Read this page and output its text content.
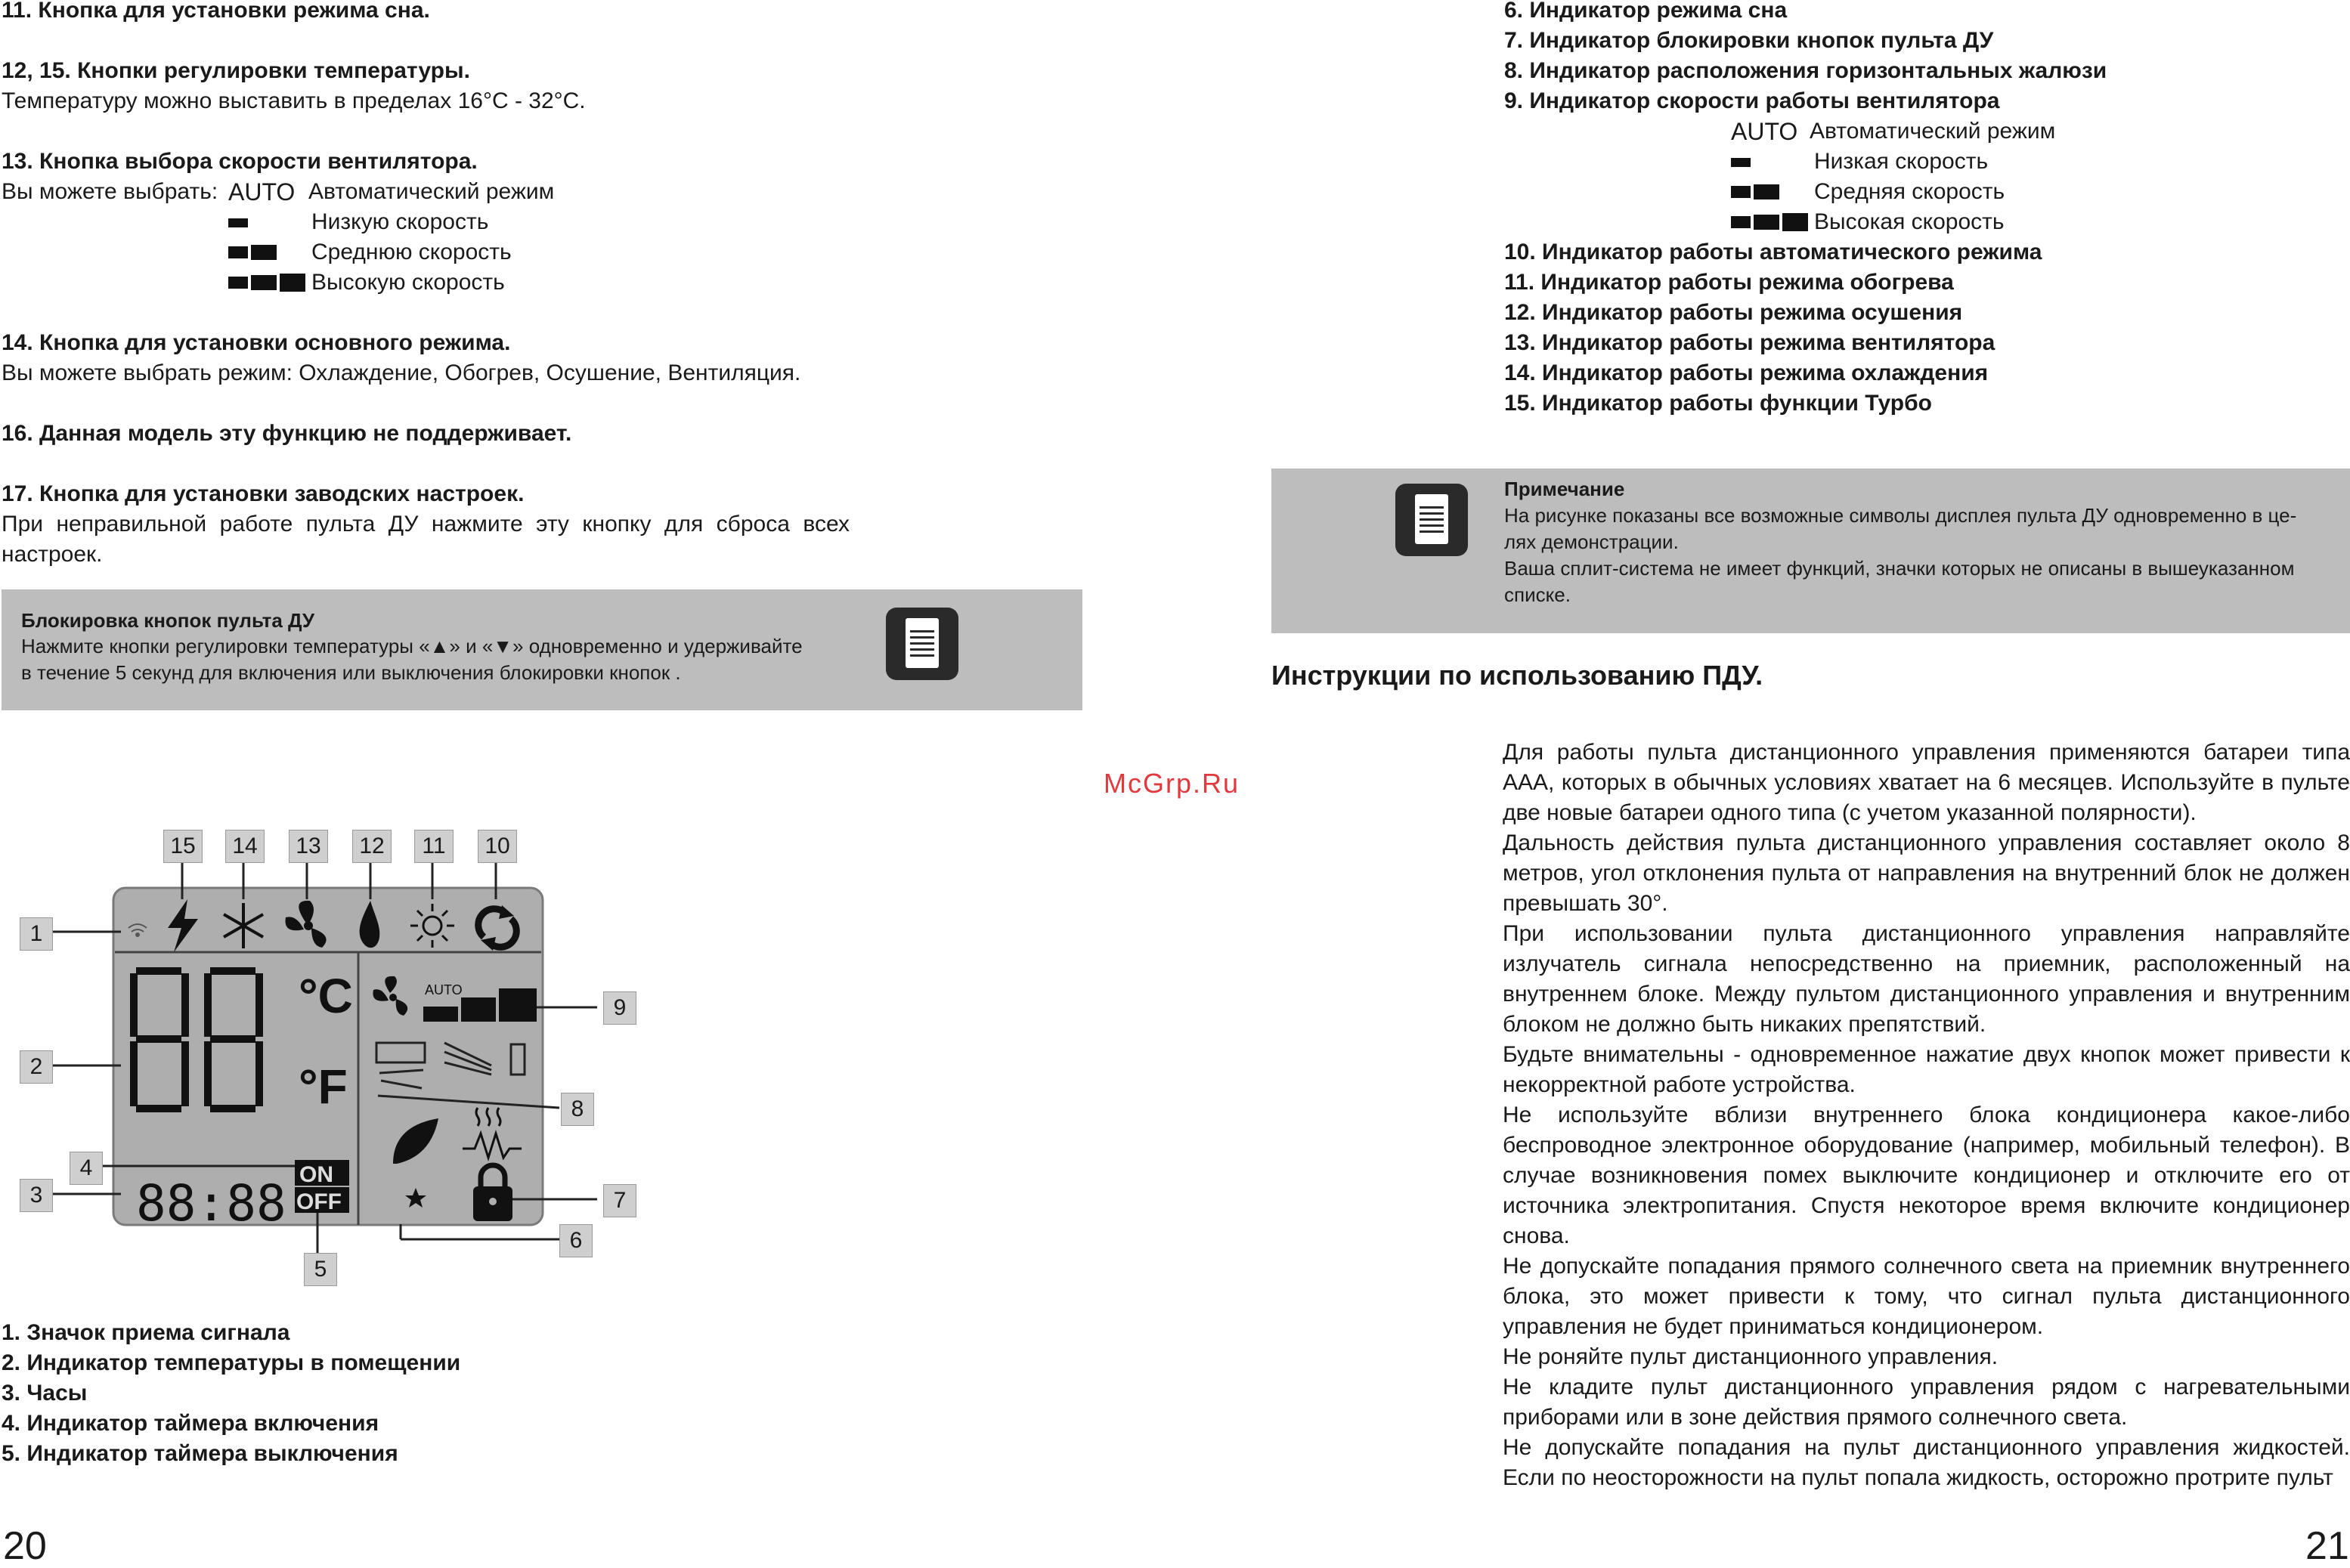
11. Кнопка для установки режима сна.
12, 15. Кнопки регулировки температуры.
Температуру можно выставить в пределах 16°C - 32°C.
13. Кнопка выбора скорости вентилятора.
Вы можете выбрать: AUTO Автоматический режим
Низкую скорость
Среднюю скорость
Высокую скорость
14. Кнопка для установки основного режима.
Вы можете выбрать режим: Охлаждение, Обогрев, Осушение, Вентиляция.
16. Данная модель эту функцию не поддерживает.
17. Кнопка для установки заводских настроек.
При неправильной работе пульта ДУ нажмите эту кнопку для сброса всех настроек.
Блокировка кнопок пульта ДУ
Нажмите кнопки регулировки температуры «▲» и «▼» одновременно и удерживайте
в течение 5 секунд для включения или выключения блокировки кнопок .
McGrp.Ru
°C
°F
88:88 ON
OFF
AUTO
1
2
3
4
5
6
7
8
9
10
11
12
13
14
15
1. Значок приема сигнала
2. Индикатор температуры в помещении
3. Часы
4. Индикатор таймера включения
5. Индикатор таймера выключения
20
6. Индикатор режима сна
7. Индикатор блокировки кнопок пульта ДУ
8. Индикатор расположения горизонтальных жалюзи
9. Индикатор скорости работы вентилятора
AUTO Автоматический режим
Низкая скорость
Средняя скорость
Высокая скорость
10. Индикатор работы автоматического режима
11. Индикатор работы режима обогрева
12. Индикатор работы режима осушения
13. Индикатор работы режима вентилятора
14. Индикатор работы режима охлаждения
15. Индикатор работы функции Турбо
Примечание
На рисунке показаны все возможные символы дисплея пульта ДУ одновременно в це-
лях демонстрации.
Ваша сплит-система не имеет функций, значки которых не описаны в вышеуказанном
списке.
Инструкции по использованию ПДУ.
Для работы пульта дистанционного управления применяются батареи типа ААА, которых в обычных условиях хватает на 6 месяцев. Используйте в пульте две новые батареи одного типа (с учетом указанной полярности).
Дальность действия пульта дистанционного управления составляет около 8 метров, угол отклонения пульта от направления на внутренний блок не должен превышать 30°.
При использовании пульта дистанционного управления направляйте излучатель сигнала непосредственно на приемник, расположенный на внутреннем блоке. Между пультом дистанционного управления и внутренним блоком не должно быть никаких препятствий.
Будьте внимательны - одновременное нажатие двух кнопок может привести к некорректной работе устройства.
Не используйте вблизи внутреннего блока кондиционера какое-либо беспроводное электронное оборудование (например, мобильный телефон). В случае возникновения помех выключите кондиционер и отключите его от источника электропитания. Спустя некоторое время включите кондиционер снова.
Не допускайте попадания прямого солнечного света на приемник внутреннего блока, это может привести к тому, что сигнал пульта дистанционного управления не будет приниматься кондиционером.
Не роняйте пульт дистанционного управления.
Не кладите пульт дистанционного управления рядом с нагревательными приборами или в зоне действия прямого солнечного света.
Не допускайте попадания на пульт дистанционного управления жидкостей. Если по неосторожности на пульт попала жидкость, осторожно протрите пульт
21
